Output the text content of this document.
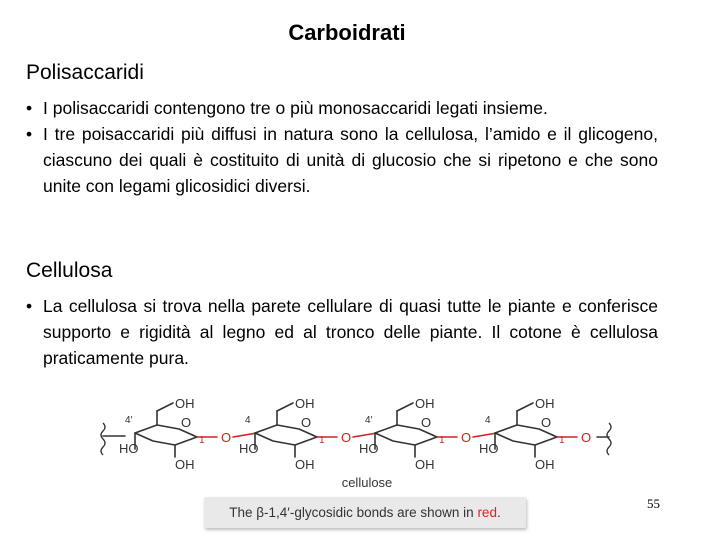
Carboidrati
Polisaccaridi
• I polisaccaridi contengono tre o più monosaccaridi legati insieme.
• I tre poisaccaridi più diffusi in natura sono la cellulosa, l’amido e il glicogeno, ciascuno dei quali è costituito di unità di glucosio che si ripetono e che sono unite con legami glicosidici diversi.
Cellulosa
• La cellulosa si trova nella parete cellulare di quasi tutte le piante e conferisce supporto e rigidità al legno ed al tronco delle piante. Il cotone è cellulosa praticamente pura.
O
OH
4′
HO
OH
1 O
O
OH
4
HO
OH
1 O
O
OH
4′
HO
OH
1 O
O
OH
4
HO
OH
1 O
cellulose
The β-1,4′-glycosidic bonds are shown in red.
55
